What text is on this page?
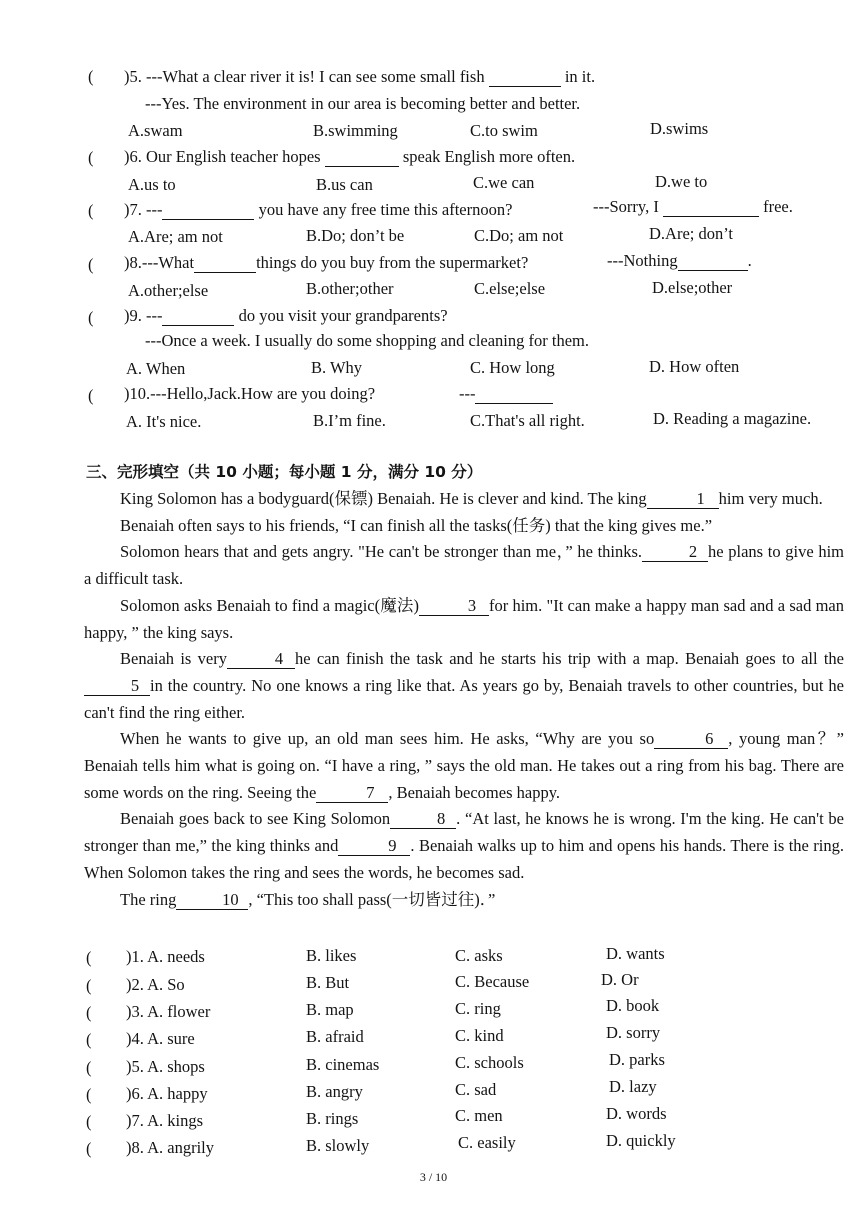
( )5. ---What a clear river it is! I can see some small fish	in it.
---Yes. The environment in our area is becoming better and better.
A.swam	B.swimming	C.to swim	D.swims
( )6. Our English teacher hopes	speak English more often.
A.us to	B.us can	C.we can	D.we to
( )7. ---	you have any free time this afternoon?	---Sorry, I	free.
A.Are; am not	B.Do; don’t be	C.Do; am not	D.Are; don’t
( )8.---What	things do you buy from the supermarket?	---Nothing	.
A.other;else	B.other;other	C.else;else	D.else;other
( )9. ---	do you visit your grandparents?
---Once a week. I usually do some shopping and cleaning for them.
A. When	B. Why	C. How long	D. How often
( )10.---Hello,Jack.How are you doing?	---
A. It's nice.	B.I’m fine.	C.That's all right.	D. Reading a magazine.
三、完形填空（共 10 小题；每小题 1 分，满分 10 分）

King Solomon has a bodyguard(保镖) Benaiah. He is clever and kind. The king	1 him very much.

Benaiah often says to his friends, “I can finish all the tasks(任务) that the king gives me.”

Solomon hears that and gets angry. "He can't be stronger than me，” he thinks.	2 he plans to give him a difficult task.

Solomon asks Benaiah to find a magic(魔法)	3 for him. "It can make a happy man sad and a sad man happy, ” the king says.

Benaiah is very	4 he can finish the task and he starts his trip with a map. Benaiah goes to all the5 in the country. No one knows a ring like that. As years go by, Benaiah travels to other countries, but he can't find the ring either.

When he wants to give up, an old man sees him. He asks, “Why are you so	6 , young man？” Benaiah tells him what is going on. “I have a ring, ” says the old man. He takes out a ring from his bag. There are some words on the ring. Seeing the	7 , Benaiah becomes happy.

Benaiah goes back to see King Solomon	8 . “At last, he knows he is wrong. I'm the king. He can't be stronger than me,” the king thinks and	9 . Benaiah walks up to him and opens his hands. There is the ring. When Solomon takes the ring and sees the words, he becomes sad.

The ring	10 , “This too shall pass(一切皆过往)．”

( )1. A. needs	B. likes	C. asks	D. wants
( )2. A. So	B. But	C. Because	D. Or
( )3. A. flower	B. map	C. ring	D. book
( )4. A. sure	B. afraid	C. kind	D. sorry
( )5. A. shops	B. cinemas	C. schools	D. parks
( )6. A. happy	B. angry	C. sad	D. lazy
( )7. A. kings	B. rings	C. men	D. words
( )8. A. angrily	B. slowly	C. easily	D. quickly
3 / 10
